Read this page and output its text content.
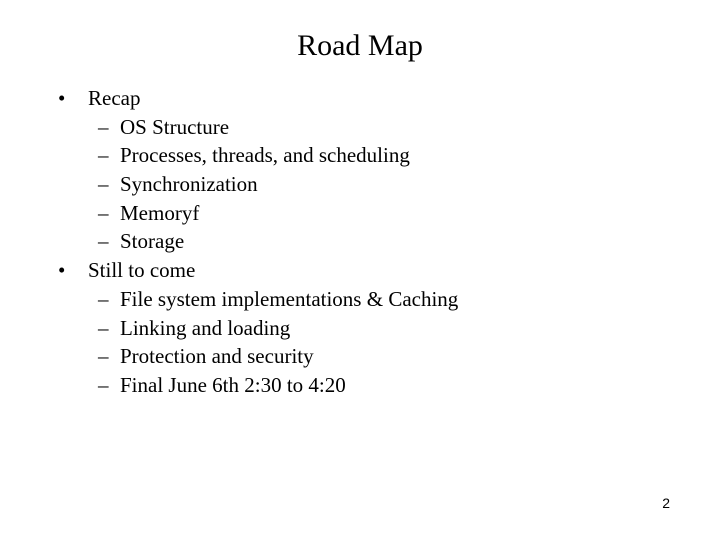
Road Map
• Recap
– OS Structure
– Processes, threads, and scheduling
– Synchronization
– Memoryf
– Storage
• Still to come
– File system implementations & Caching
– Linking and loading
– Protection and security
– Final June 6th 2:30 to 4:20
2
